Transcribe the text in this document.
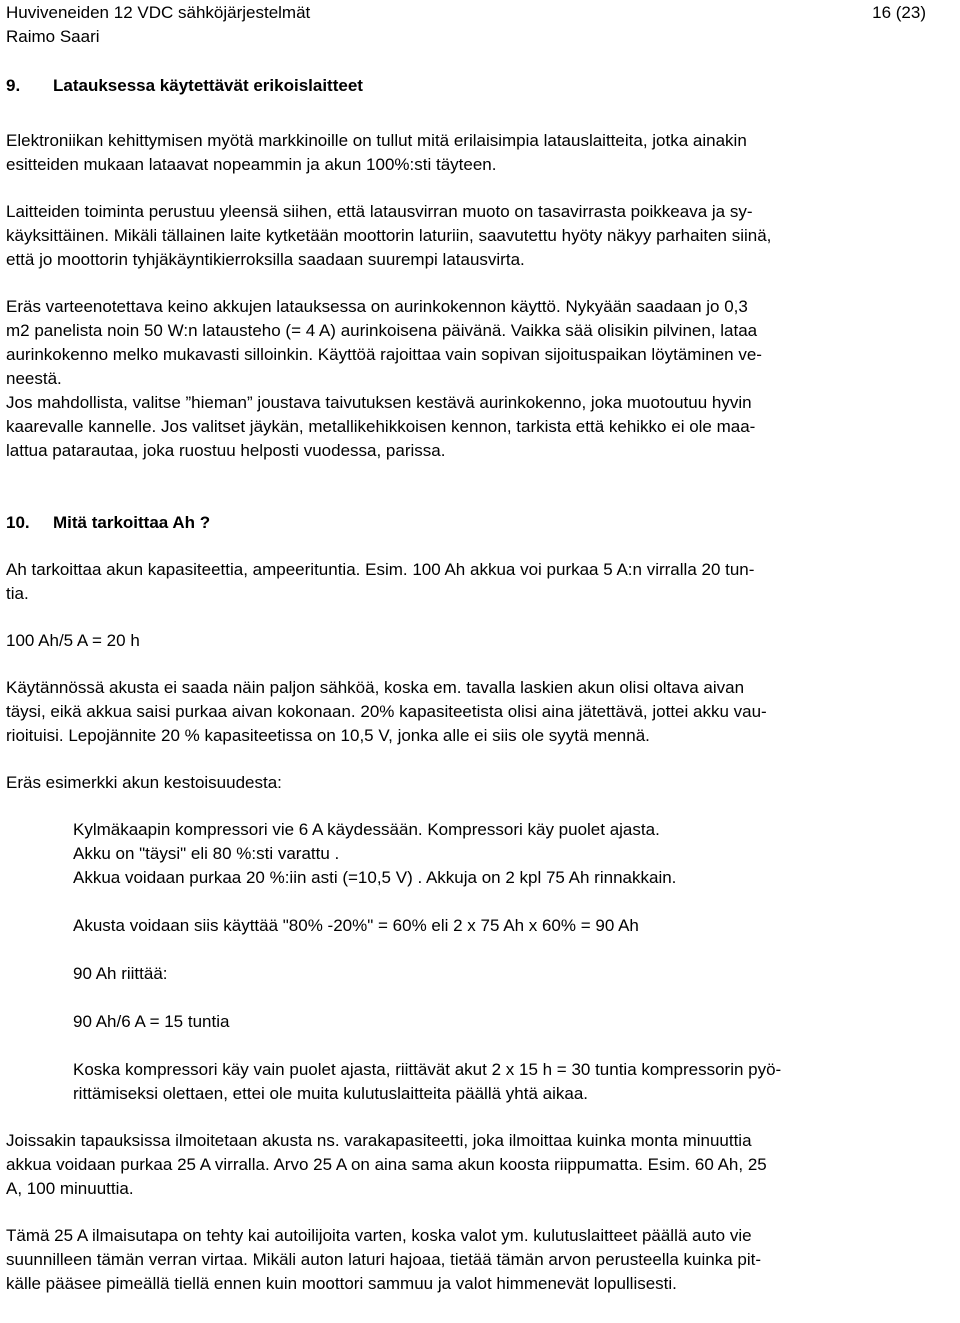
Huviveneiden 12 VDC sähköjärjestelmät
Raimo Saari
16 (23)
9. Latauksessa käytettävät erikoislaitteet

Elektroniikan kehittymisen myötä markkinoille on tullut mitä erilaisimpia latauslaitteita, jotka ainakin
esitteiden mukaan lataavat nopeammin ja akun 100%:sti täyteen.

Laitteiden toiminta perustuu yleensä siihen, että latausvirran muoto on tasavirrasta poikkeava ja sy-
käyksittäinen. Mikäli tällainen laite kytketään moottorin laturiin, saavutettu hyöty näkyy parhaiten siinä,
että jo moottorin tyhjäkäyntikierroksilla saadaan suurempi latausvirta.

Eräs varteenotettava keino akkujen latauksessa on aurinkokennon käyttö. Nykyään saadaan jo 0,3
m2 panelista noin 50 W:n latausteho (= 4 A) aurinkoisena päivänä. Vaikka sää olisikin pilvinen, lataa
aurinkokenno melko mukavasti silloinkin. Käyttöä rajoittaa vain sopivan sijoituspaikan löytäminen ve-
neestä.
Jos mahdollista, valitse ”hieman” joustava taivutuksen kestävä aurinkokenno, joka muotoutuu hyvin
kaarevalle kannelle. Jos valitset jäykän, metallikehikkoisen kennon, tarkista että kehikko ei ole maa-
lattua patarautaa, joka ruostuu helposti vuodessa, parissa.

10. Mitä tarkoittaa Ah ?

Ah tarkoittaa akun kapasiteettia, ampeerituntia. Esim. 100 Ah akkua voi purkaa 5 A:n virralla 20 tun-
tia.

100 Ah/5 A = 20 h

Käytännössä akusta ei saada näin paljon sähköä, koska em. tavalla laskien akun olisi oltava aivan
täysi, eikä akkua saisi purkaa aivan kokonaan. 20% kapasiteetista olisi aina jätettävä, jottei akku vau-
rioituisi. Lepojännite 20 % kapasiteetissa on 10,5 V, jonka alle ei siis ole syytä mennä.

Eräs esimerkki akun kestoisuudesta:

Kylmäkaapin kompressori vie 6 A käydessään. Kompressori käy puolet ajasta.
Akku on "täysi" eli 80 %:sti varattu .
Akkua voidaan purkaa 20 %:iin asti (=10,5 V) . Akkuja on 2 kpl 75 Ah rinnakkain.

Akusta voidaan siis käyttää "80% -20%" = 60% eli 2 x 75 Ah x 60% = 90 Ah

90 Ah riittää:

90 Ah/6 A = 15 tuntia

Koska kompressori käy vain puolet ajasta, riittävät akut 2 x 15 h = 30 tuntia kompressorin pyö-
rittämiseksi olettaen, ettei ole muita kulutuslaitteita päällä yhtä aikaa.

Joissakin tapauksissa ilmoitetaan akusta ns. varakapasiteetti, joka ilmoittaa kuinka monta minuuttia
akkua voidaan purkaa 25 A virralla. Arvo 25 A on aina sama akun koosta riippumatta. Esim. 60 Ah, 25
A, 100 minuuttia.

Tämä 25 A ilmaisutapa on tehty kai autoilijoita varten, koska valot ym. kulutuslaitteet päällä auto vie
suunnilleen tämän verran virtaa. Mikäli auton laturi hajoaa, tietää tämän arvon perusteella kuinka pit-
källe pääsee pimeällä tiellä ennen kuin moottori sammuu ja valot himmenevät lopullisesti.
